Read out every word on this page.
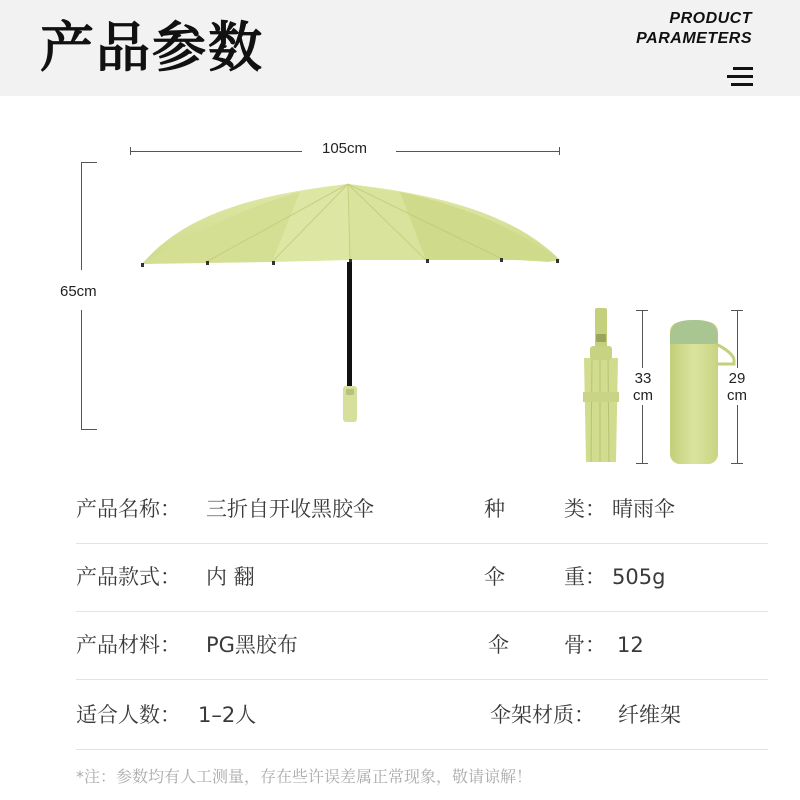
产品参数	PRODUCT
PARAMETERS
105cm
65cm
33
cm
29
cm
产品名称： 三折自开收黑胶伞	种	类： 晴雨伞
产品款式： 内 翻	伞	重： 505g
产品材料： PG黑胶布	伞	骨： 12
适合人数： 1–2人	伞架材质： 纤维架
*注：参数均有人工测量，存在些许误差属正常现象，敬请谅解！
